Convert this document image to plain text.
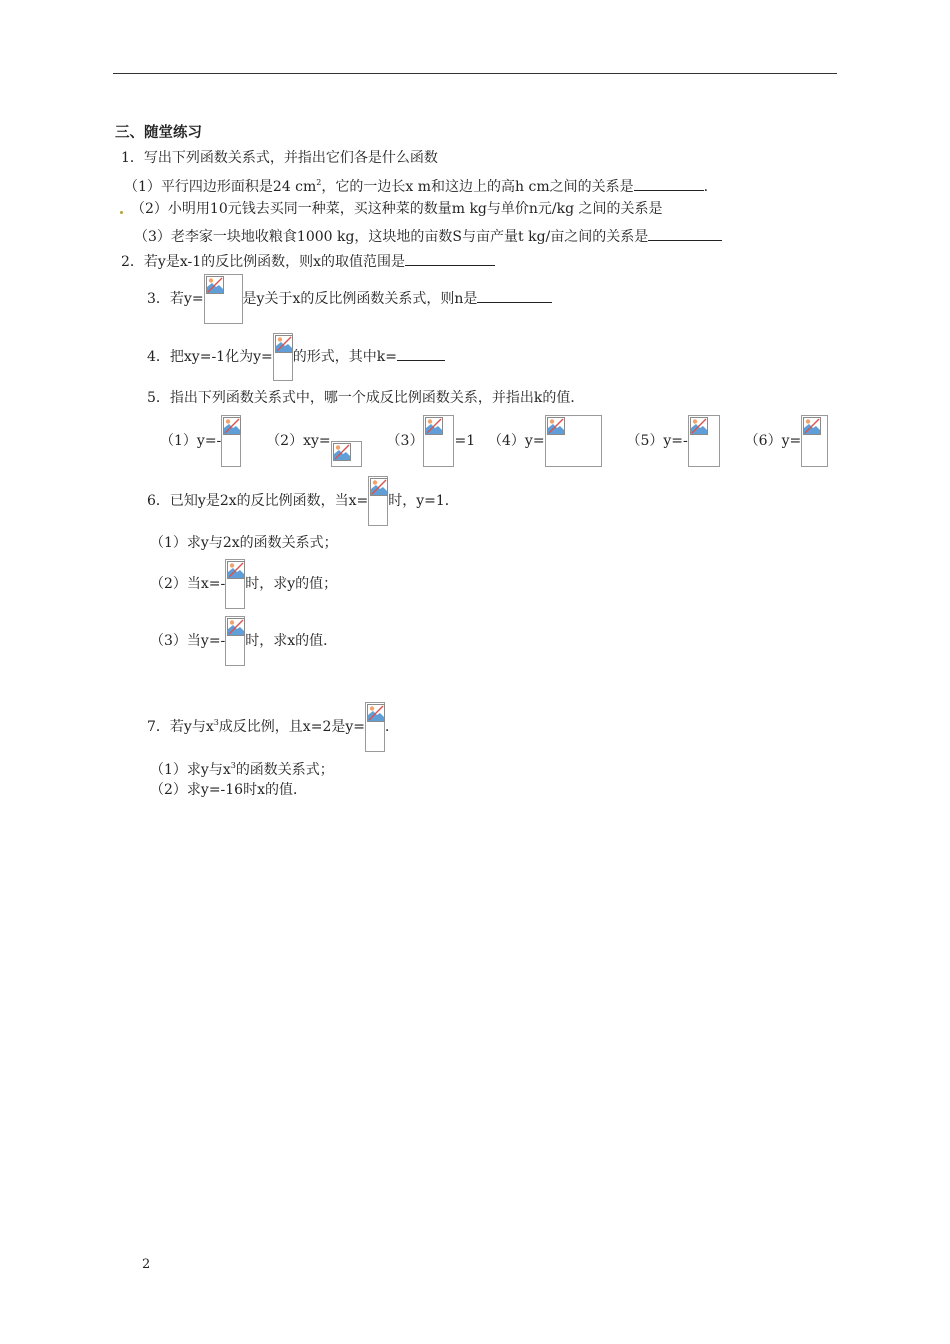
三、随堂练习
1．写出下列函数关系式，并指出它们各是什么函数
（1）平行四边形面积是24 $cm^2$，它的一边长x m和这边上的高h cm之间的关系是	.
（2）小明用10元钱去买同一种菜，买这种菜的数量m kg与单价n元/kg 之间的关系是
（3）老李家一块地收粮食1000 kg，这块地的亩数S与亩产量t kg/亩之间的关系是
2．若y是x-1的反比例函数，则x的取值范围是
3．若y=	是y关于x的反比例函数关系式，则n是
4．把xy=-1化为y= 的形式，其中k=
5．指出下列函数关系式中，哪一个成反比例函数关系，并指出k的值．
（1）y=-	（2）xy=	（3） =1 （4）y=	（5）y=-	（6）y=
6．已知y是2x的反比例函数，当x= 时，y=1．
（1）求y与2x的函数关系式；
（2）当x=- 时，求y的值；
（3）当y=- 时，求x的值．
7．若y与$x^3$成反比例，且x=2是y= ．
（1）求y与$x^3$的函数关系式；
（2）求y=-16时x的值．
2
